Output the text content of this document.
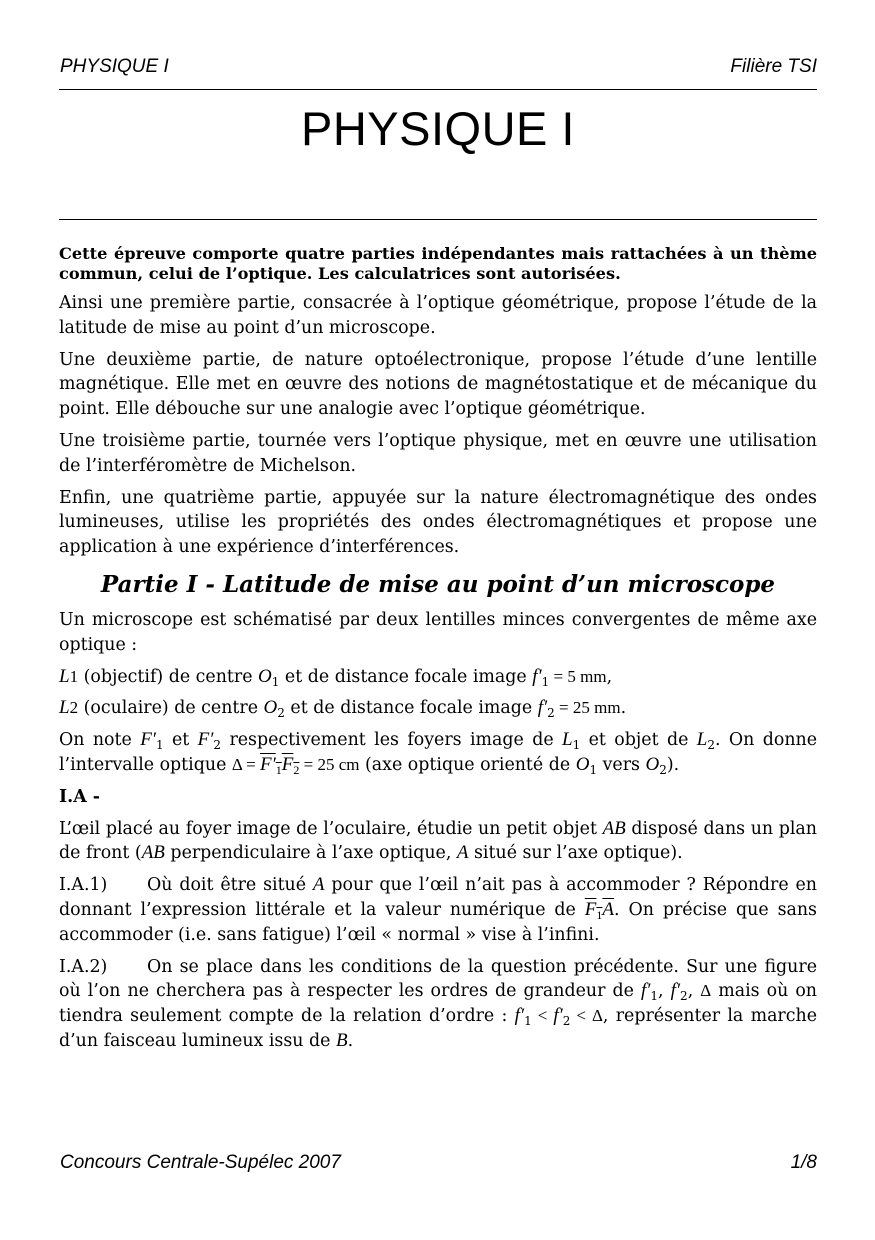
PHYSIQUE I	Filière TSI
PHYSIQUE I

Cette épreuve comporte quatre parties indépendantes mais rattachées à un thème commun, celui de l’optique. Les calculatrices sont autorisées.

Ainsi une première partie, consacrée à l’optique géométrique, propose l’étude de la latitude de mise au point d’un microscope.

Une deuxième partie, de nature optoélectronique, propose l’étude d’une lentille magnétique. Elle met en œuvre des notions de magnétostatique et de mécanique du point. Elle débouche sur une analogie avec l’optique géométrique.

Une troisième partie, tournée vers l’optique physique, met en œuvre une utilisation de l’interféromètre de Michelson.

Enfin, une quatrième partie, appuyée sur la nature électromagnétique des ondes lumineuses, utilise les propriétés des ondes électromagnétiques et propose une application à une expérience d’interférences.

Partie I - Latitude de mise au point d’un microscope

Un microscope est schématisé par deux lentilles minces convergentes de même axe optique :

L1 (objectif) de centre $O_1$ et de distance focale image $f'_1 = 5$ mm,

L2 (oculaire) de centre $O_2$ et de distance focale image $f'_2 = 25$ mm.

On note $F'_1$ et $F'_2$ respectivement les foyers image de $L_1$ et objet de $L_2$. On donne l’intervalle optique $\Delta = F'_1F_2 = 25$ cm (axe optique orienté de $O_1$ vers $O_2$).

I.A -

L’œil placé au foyer image de l’oculaire, étudie un petit objet AB disposé dans un plan de front (AB perpendiculaire à l’axe optique, A situé sur l’axe optique).

I.A.1) Où doit être situé A pour que l’œil n’ait pas à accommoder ? Répondre en donnant l’expression littérale et la valeur numérique de $F_1A$. On précise que sans accommoder (i.e. sans fatigue) l’œil « normal » vise à l’infini.

I.A.2) On se place dans les conditions de la question précédente. Sur une figure où l’on ne cherchera pas à respecter les ordres de grandeur de $f'_1$, $f'_2$, Δ mais où on tiendra seulement compte de la relation d’ordre : $f'_1 < f'_2 < \Delta$, représenter la marche d’un faisceau lumineux issu de B.

Concours Centrale-Supélec 2007	1/8
